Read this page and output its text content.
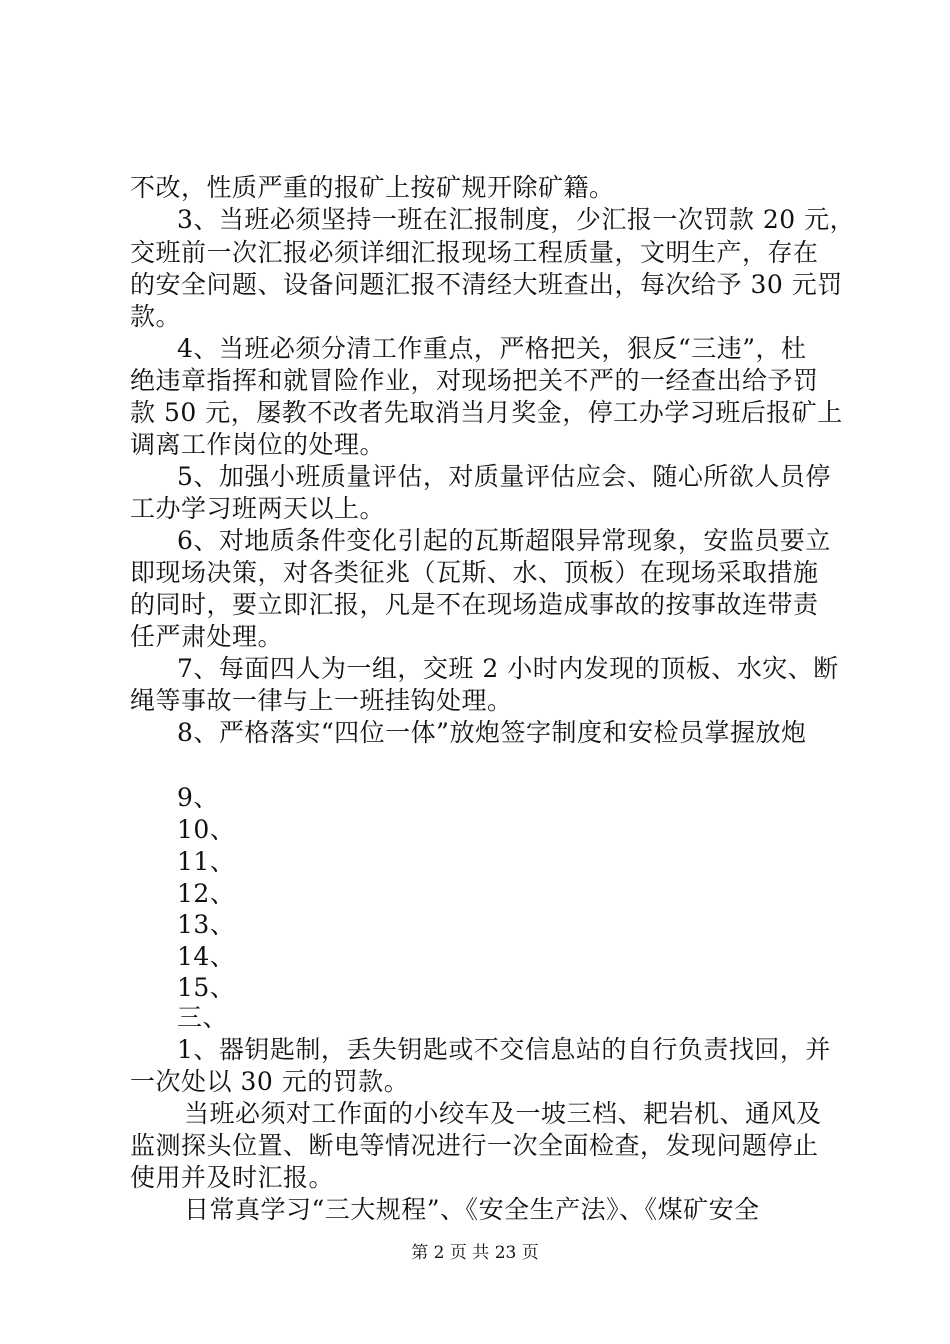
不改，性质严重的报矿上按矿规开除矿籍。
3、当班必须坚持一班在汇报制度，少汇报一次罚款 20 元，
交班前一次汇报必须详细汇报现场工程质量，文明生产，存在
的安全问题、设备问题汇报不清经大班查出，每次给予 30 元罚
款。
4、当班必须分清工作重点，严格把关，狠反“三违”，杜
绝违章指挥和就冒险作业，对现场把关不严的一经查出给予罚
款 50 元，屡教不改者先取消当月奖金，停工办学习班后报矿上
调离工作岗位的处理。
5、加强小班质量评估，对质量评估应会、随心所欲人员停
工办学习班两天以上。
6、对地质条件变化引起的瓦斯超限异常现象，安监员要立
即现场决策，对各类征兆（瓦斯、水、顶板）在现场采取措施
的同时，要立即汇报，凡是不在现场造成事故的按事故连带责
任严肃处理。
7、每面四人为一组，交班 2 小时内发现的顶板、水灾、断
绳等事故一律与上一班挂钩处理。
8、严格落实“四位一体”放炮签字制度和安检员掌握放炮
9、
10、
11、
12、
13、
14、
15、
三、
1、器钥匙制，丢失钥匙或不交信息站的自行负责找回，并
一次处以 30 元的罚款。
当班必须对工作面的小绞车及一坡三档、耙岩机、通风及
监测探头位置、断电等情况进行一次全面检查，发现问题停止
使用并及时汇报。
日常真学习“三大规程”、《安全生产法》、《煤矿安全
第 2 页 共 23 页
